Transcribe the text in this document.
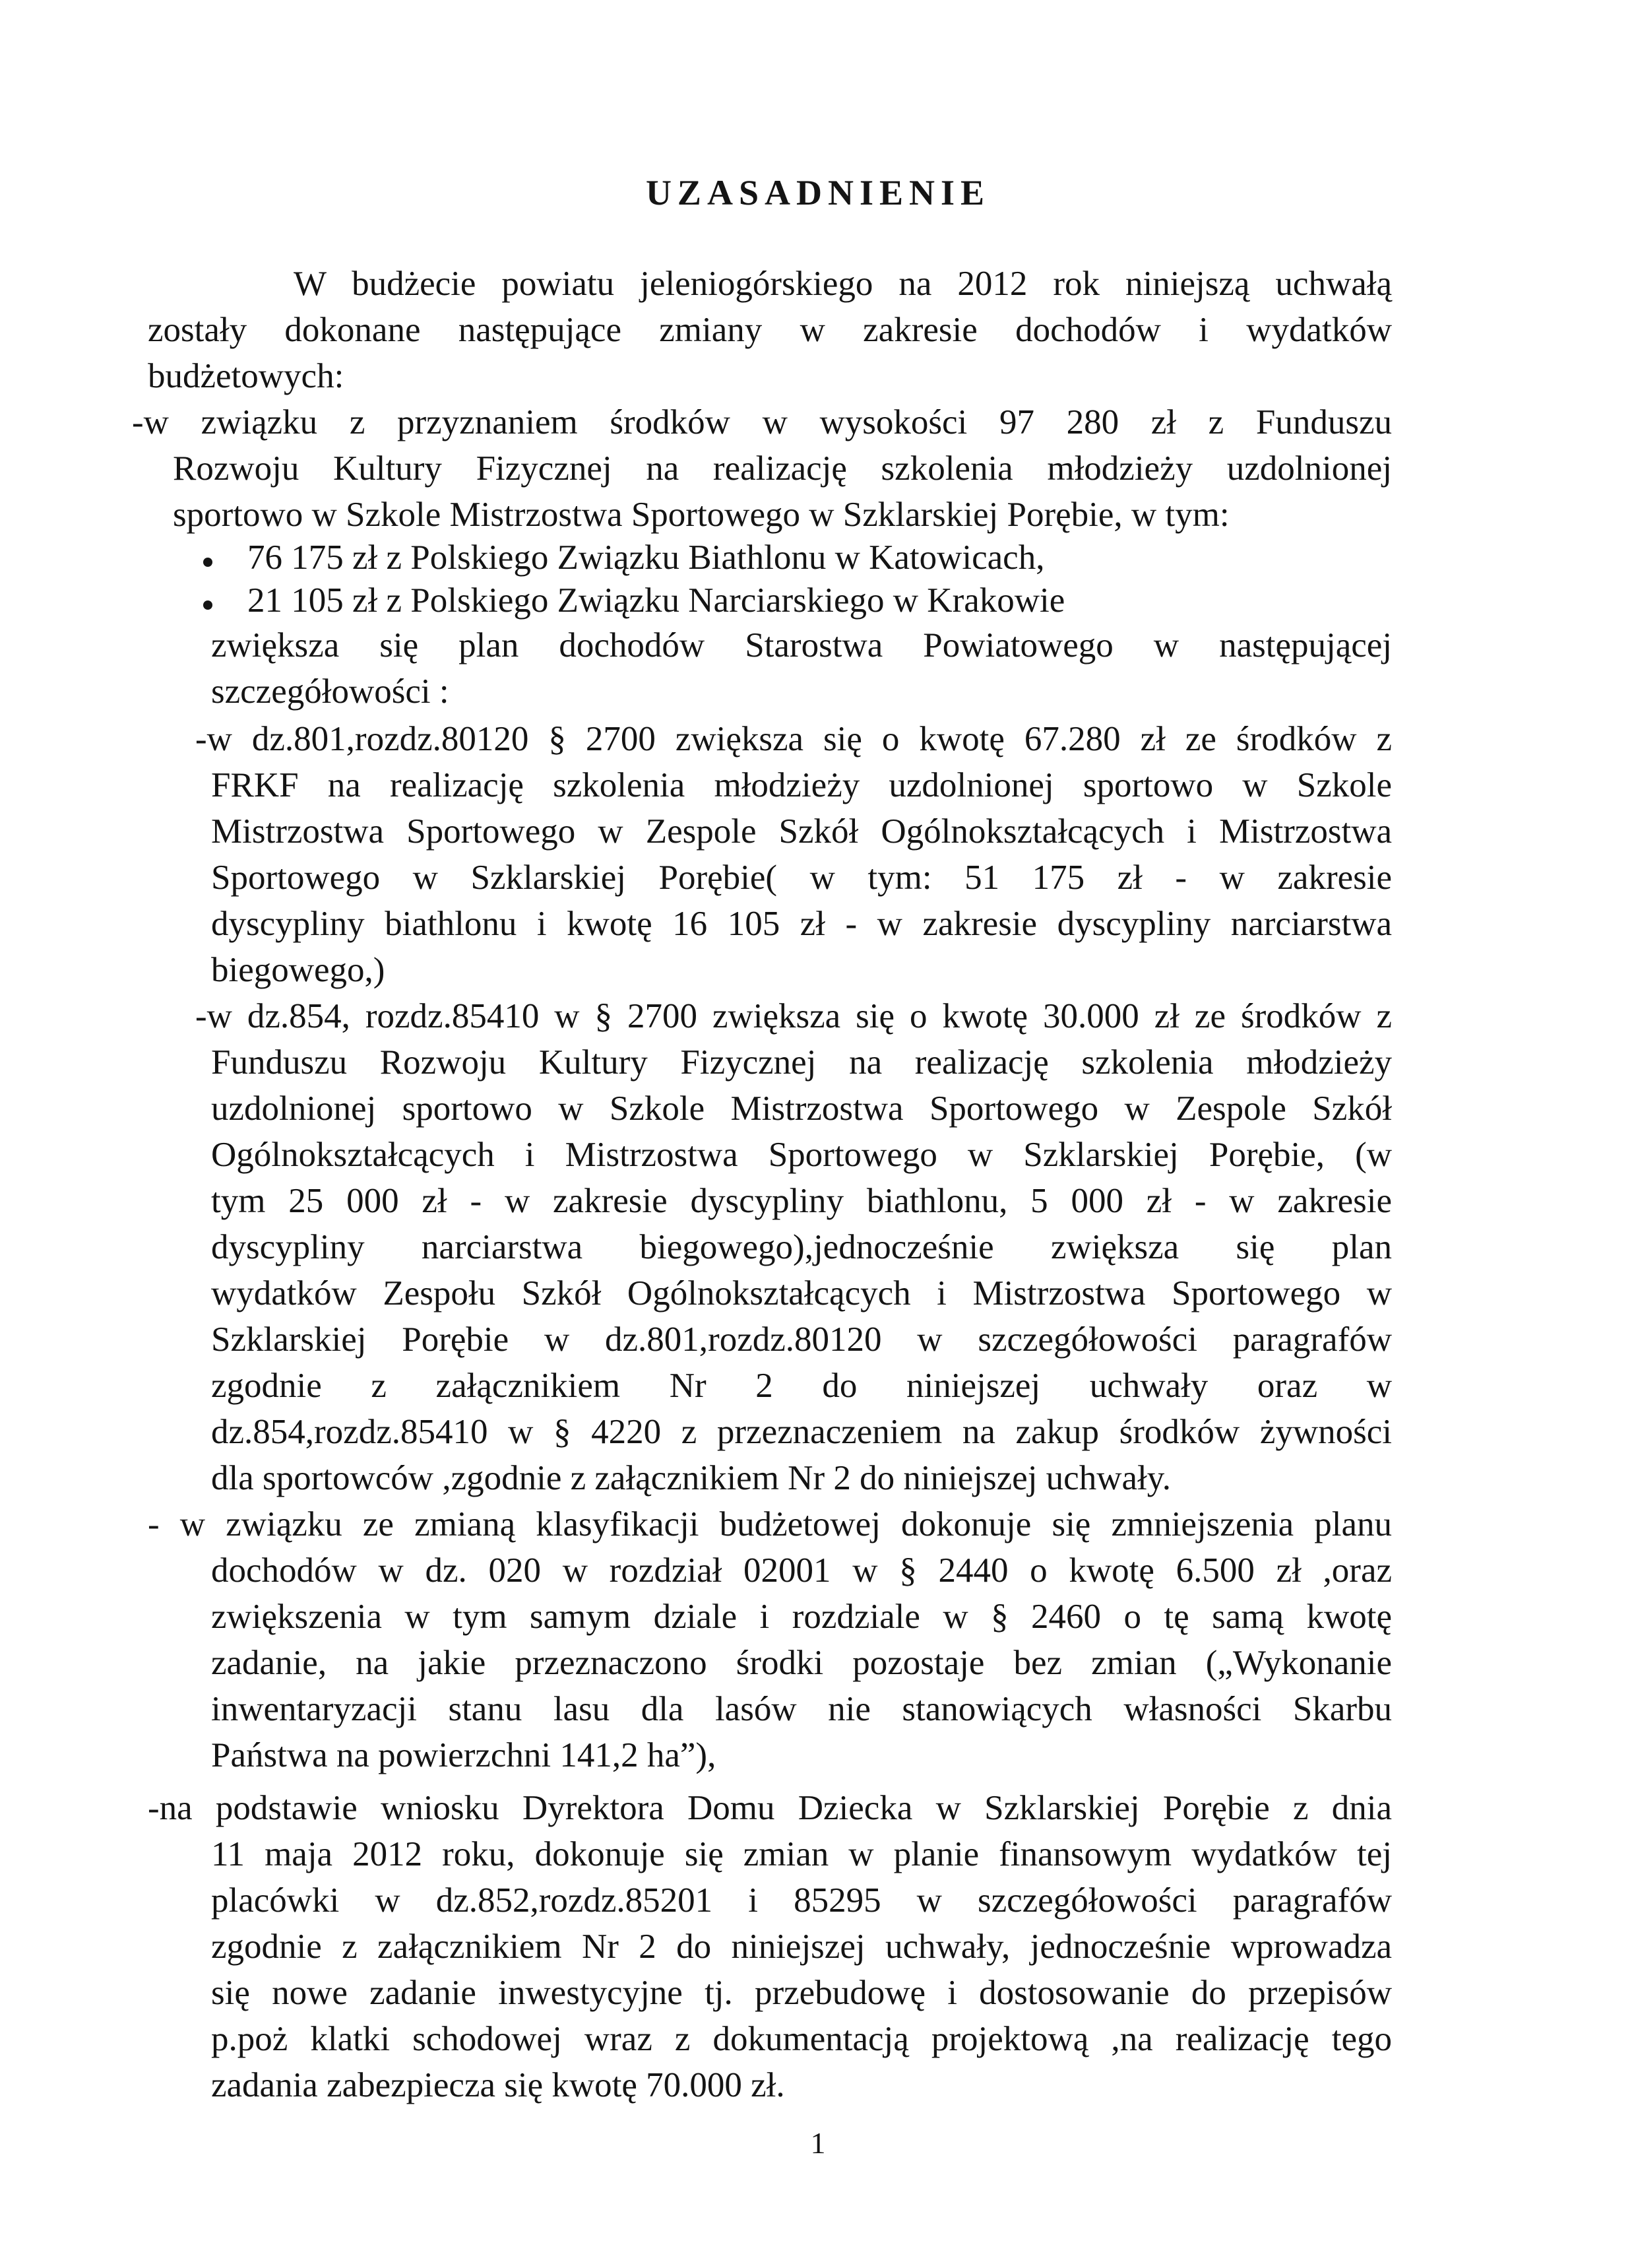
UZASADNIENIE
W budżecie powiatu jeleniogórskiego na 2012 rok niniejszą uchwałą
zostały dokonane następujące zmiany w zakresie dochodów i wydatków
budżetowych:
-w związku z przyznaniem środków w wysokości 97 280 zł z Funduszu
Rozwoju Kultury Fizycznej na realizację szkolenia młodzieży uzdolnionej
sportowo w Szkole Mistrzostwa Sportowego w Szklarskiej Porębie, w tym:
76 175 zł z Polskiego Związku Biathlonu w Katowicach,
21 105 zł z Polskiego Związku Narciarskiego w Krakowie
zwiększa się plan dochodów Starostwa Powiatowego w następującej
szczegółowości :
-w dz.801,rozdz.80120 § 2700 zwiększa się o kwotę 67.280 zł ze środków z
FRKF na realizację szkolenia młodzieży uzdolnionej sportowo w Szkole
Mistrzostwa Sportowego w Zespole Szkół Ogólnokształcących i Mistrzostwa
Sportowego w Szklarskiej Porębie( w tym: 51 175 zł - w zakresie
dyscypliny biathlonu i kwotę 16 105 zł - w zakresie dyscypliny narciarstwa
biegowego,)
-w dz.854, rozdz.85410 w § 2700 zwiększa się o kwotę 30.000 zł ze środków z
Funduszu Rozwoju Kultury Fizycznej na realizację szkolenia młodzieży
uzdolnionej sportowo w Szkole Mistrzostwa Sportowego w Zespole Szkół
Ogólnokształcących i Mistrzostwa Sportowego w Szklarskiej Porębie, (w
tym 25 000 zł - w zakresie dyscypliny biathlonu, 5 000 zł - w zakresie
dyscypliny narciarstwa biegowego),jednocześnie zwiększa się plan
wydatków Zespołu Szkół Ogólnokształcących i Mistrzostwa Sportowego w
Szklarskiej Porębie w dz.801,rozdz.80120 w szczegółowości paragrafów
zgodnie z załącznikiem Nr 2 do niniejszej uchwały oraz w
dz.854,rozdz.85410 w § 4220 z przeznaczeniem na zakup środków żywności
dla sportowców ,zgodnie z załącznikiem Nr 2 do niniejszej uchwały.
- w związku ze zmianą klasyfikacji budżetowej dokonuje się zmniejszenia planu
dochodów w dz. 020 w rozdział 02001 w § 2440 o kwotę 6.500 zł ,oraz
zwiększenia w tym samym dziale i rozdziale w § 2460 o tę samą kwotę
zadanie, na jakie przeznaczono środki pozostaje bez zmian („Wykonanie
inwentaryzacji stanu lasu dla lasów nie stanowiących własności Skarbu
Państwa na powierzchni 141,2 ha”),
-na podstawie wniosku Dyrektora Domu Dziecka w Szklarskiej Porębie z dnia
11 maja 2012 roku, dokonuje się zmian w planie finansowym wydatków tej
placówki w dz.852,rozdz.85201 i 85295 w szczegółowości paragrafów
zgodnie z załącznikiem Nr 2 do niniejszej uchwały, jednocześnie wprowadza
się nowe zadanie inwestycyjne tj. przebudowę i dostosowanie do przepisów
p.poż klatki schodowej wraz z dokumentacją projektową ,na realizację tego
zadania zabezpiecza się kwotę 70.000 zł.
1
